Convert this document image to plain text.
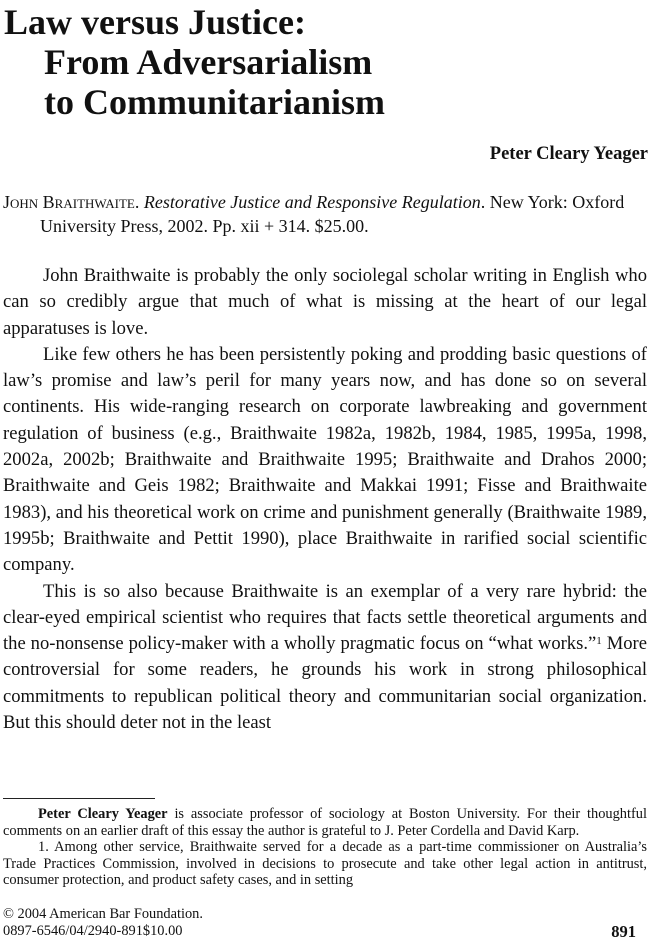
Law versus Justice:
From Adversarialism
to Communitarianism
Peter Cleary Yeager
John Braithwaite. Restorative Justice and Responsive Regulation. New York: Oxford University Press, 2002. Pp. xii + 314. $25.00.

John Braithwaite is probably the only sociolegal scholar writing in English who can so credibly argue that much of what is missing at the heart of our legal apparatuses is love.

Like few others he has been persistently poking and prodding basic questions of law’s promise and law’s peril for many years now, and has done so on several continents. His wide-ranging research on corporate lawbreaking and government regulation of business (e.g., Braithwaite 1982a, 1982b, 1984, 1985, 1995a, 1998, 2002a, 2002b; Braithwaite and Braithwaite 1995; Braithwaite and Drahos 2000; Braithwaite and Geis 1982; Braithwaite and Makkai 1991; Fisse and Braithwaite 1983), and his theoretical work on crime and punishment generally (Braithwaite 1989, 1995b; Braithwaite and Pettit 1990), place Braithwaite in rarified social scientific company.

This is so also because Braithwaite is an exemplar of a very rare hybrid: the clear-eyed empirical scientist who requires that facts settle theoretical arguments and the no-nonsense policy-maker with a wholly pragmatic focus on “what works.”$^1$ More controversial for some readers, he grounds his work in strong philosophical commitments to republican political theory and communitarian social organization. But this should deter not in the least

Peter Cleary Yeager is associate professor of sociology at Boston University. For their thoughtful comments on an earlier draft of this essay the author is grateful to J. Peter Cordella and David Karp.

1. Among other service, Braithwaite served for a decade as a part-time commissioner on Australia’s Trade Practices Commission, involved in decisions to prosecute and take other legal action in antitrust, consumer protection, and product safety cases, and in setting

© 2004 American Bar Foundation.
0897-6546/04/2940-891$10.00	891
